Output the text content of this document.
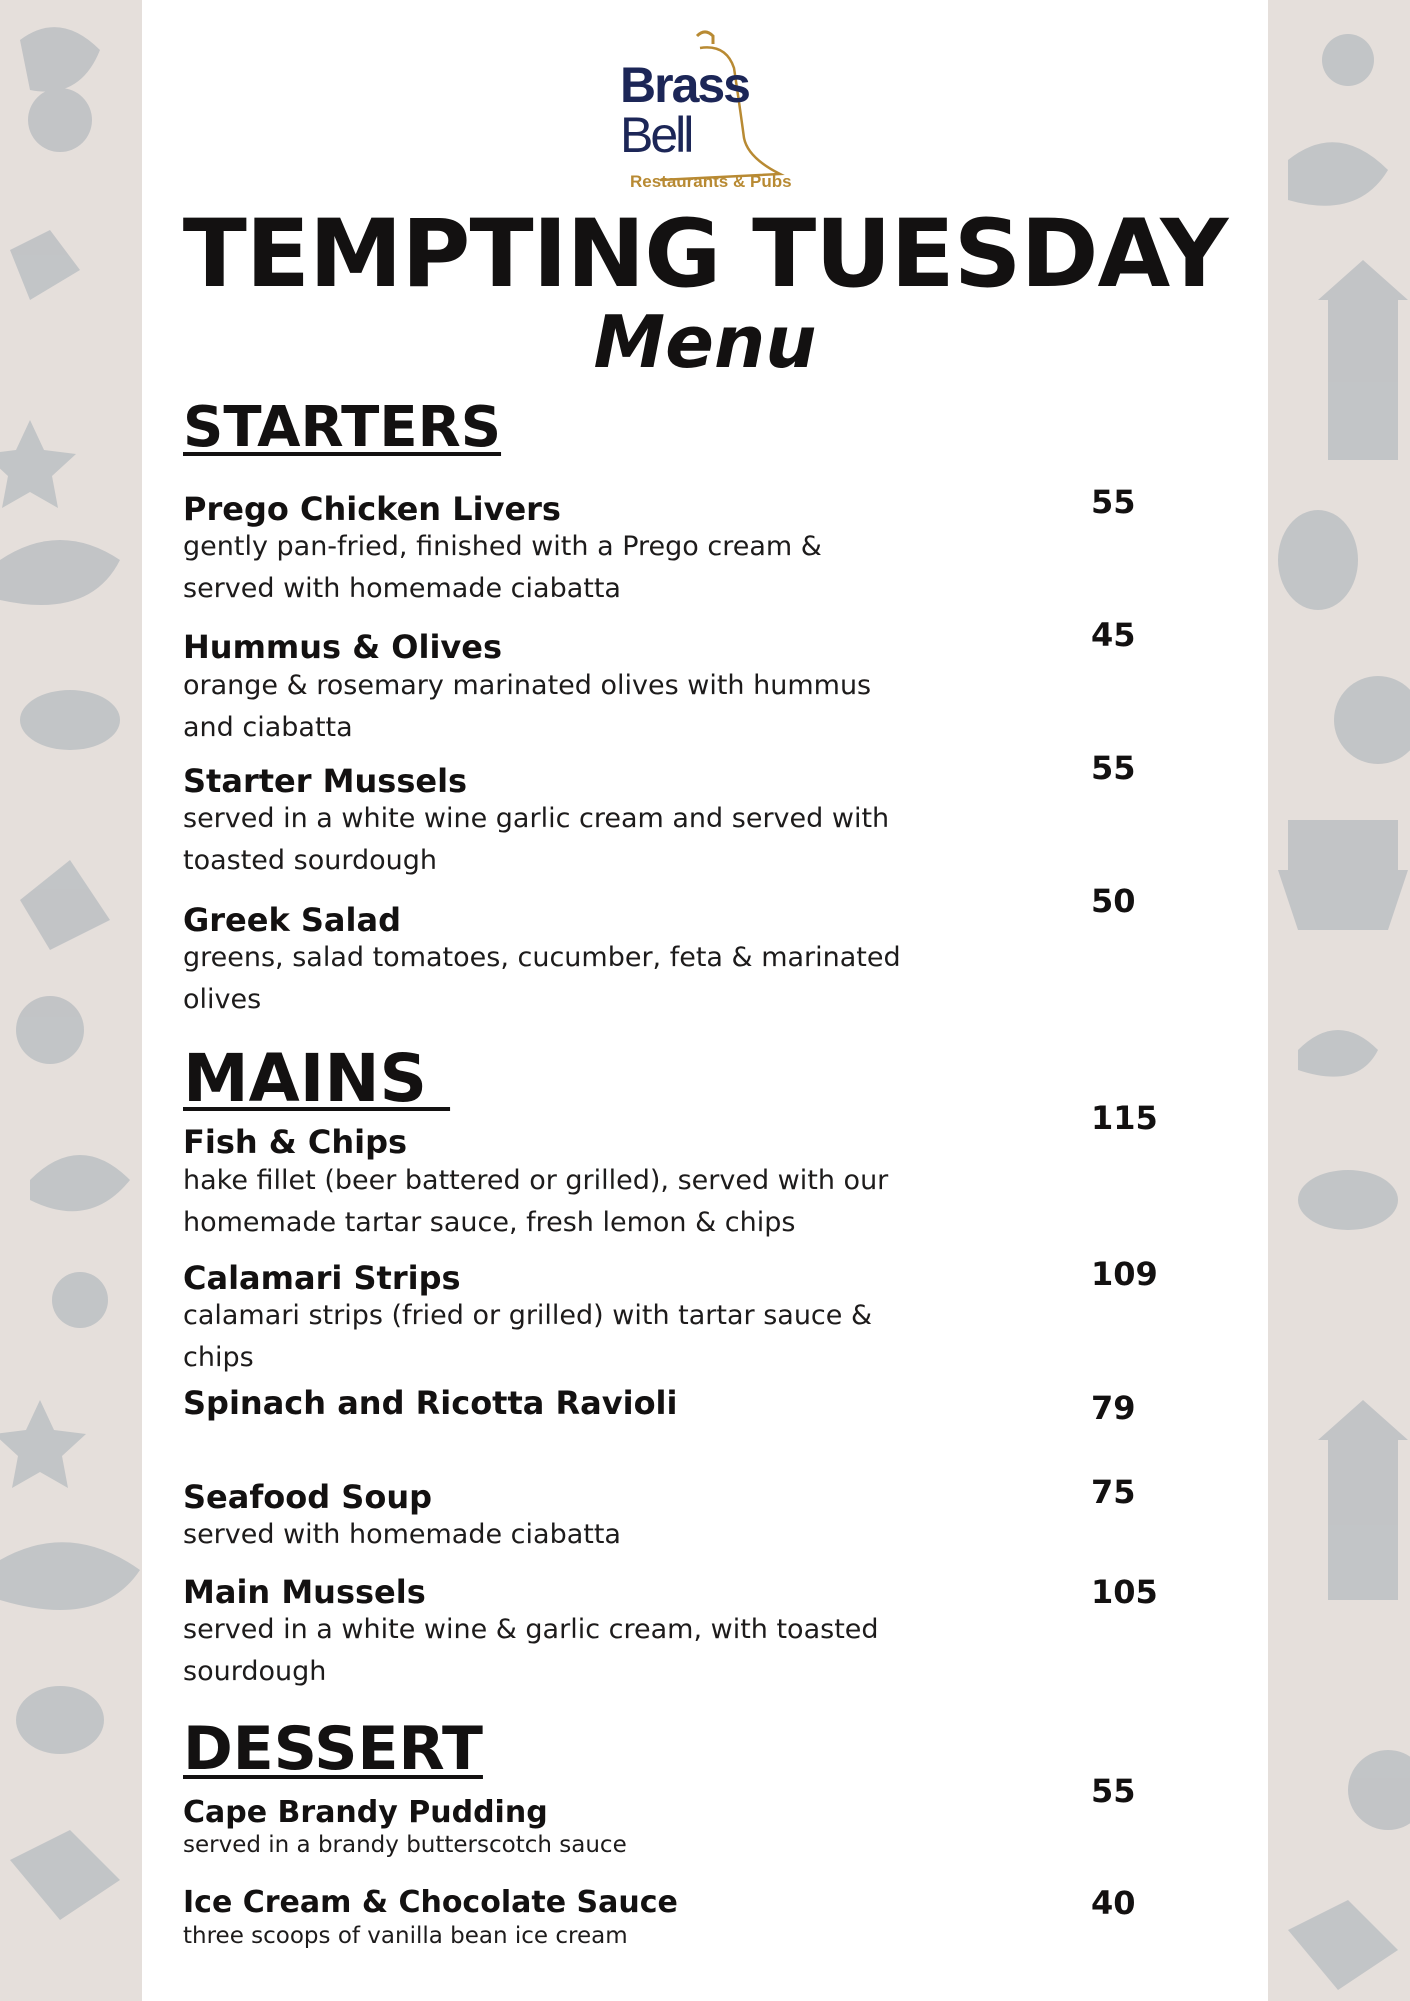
Brass
Bell
Restaurants & Pubs
TEMPTING TUESDAY
Menu
STARTERS
Prego Chicken Livers
gently pan-fried, finished with a Prego cream & served with homemade ciabatta
55
Hummus & Olives
orange & rosemary marinated olives with hummus and ciabatta
45
Starter Mussels
served in a white wine garlic cream and served with toasted sourdough
55
Greek Salad
greens, salad tomatoes, cucumber, feta & marinated olives
50
MAINS
Fish & Chips
hake fillet (beer battered or grilled), served with our homemade tartar sauce, fresh lemon & chips
115
Calamari Strips
calamari strips (fried or grilled) with tartar sauce & chips
109
Spinach and Ricotta Ravioli	79
Seafood Soup
served with homemade ciabatta
75
Main Mussels
served in a white wine & garlic cream, with toasted sourdough
105
DESSERT
Cape Brandy Pudding
served in a brandy butterscotch sauce
55
Ice Cream & Chocolate Sauce
three scoops of vanilla bean ice cream
40
